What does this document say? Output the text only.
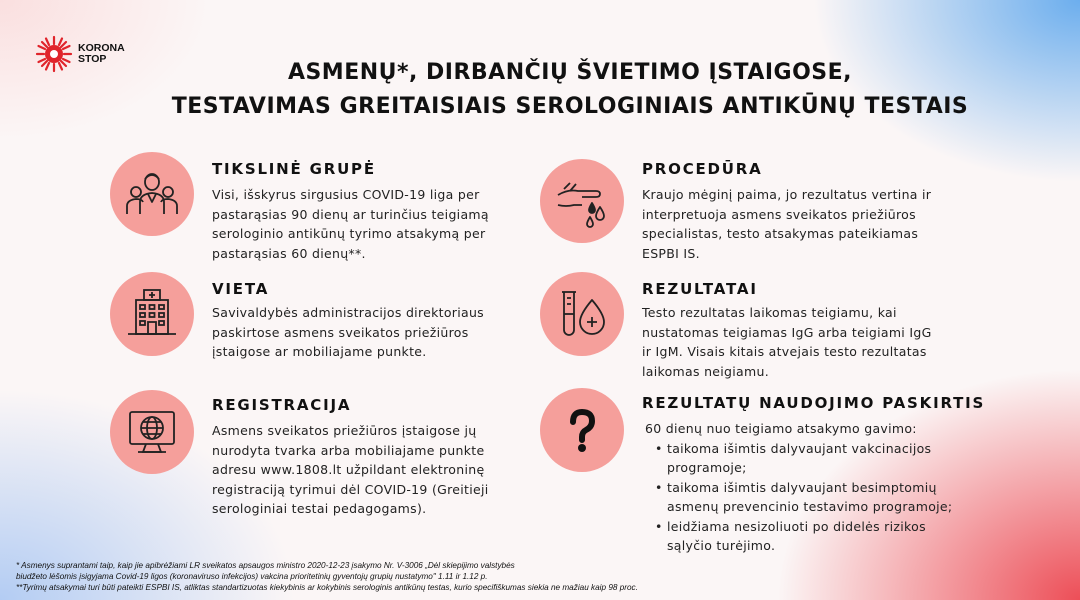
KORONA
STOP
ASMENŲ*, DIRBANČIŲ ŠVIETIMO ĮSTAIGOSE,
TESTAVIMAS GREITAISIAIS SEROLOGINIAIS ANTIKŪNŲ TESTAIS
TIKSLINĖ GRUPĖ
Visi, išskyrus sirgusius COVID-19 liga per
pastarąsias 90 dienų ar turinčius teigiamą
serologinio antikūnų tyrimo atsakymą per
pastarąsias 60 dienų**.
VIETA
Savivaldybės administracijos direktoriaus
paskirtose asmens sveikatos priežiūros
įstaigose ar mobiliajame punkte.
REGISTRACIJA
Asmens sveikatos priežiūros įstaigose jų
nurodyta tvarka arba mobiliajame punkte
adresu www.1808.lt užpildant elektroninę
registraciją tyrimui dėl COVID-19 (Greitieji
serologiniai testai pedagogams).
PROCEDŪRA
Kraujo mėginį paima, jo rezultatus vertina ir
interpretuoja asmens sveikatos priežiūros
specialistas, testo atsakymas pateikiamas
ESPBI IS.
REZULTATAI
Testo rezultatas laikomas teigiamu, kai
nustatomas teigiamas IgG arba teigiami IgG
ir IgM. Visais kitais atvejais testo rezultatas
laikomas neigiamu.
REZULTATŲ NAUDOJIMO PASKIRTIS
60 dienų nuo teigiamo atsakymo gavimo:
• taikoma išimtis dalyvaujant vakcinacijos
programoje;
• taikoma išimtis dalyvaujant besimptomių
asmenų prevencinio testavimo programoje;
• leidžiama nesizoliuoti po didelės rizikos
sąlyčio turėjimo.
* Asmenys suprantami taip, kaip jie apibrėžiami LR sveikatos apsaugos ministro 2020-12-23 įsakymo Nr. V-3006 „Dėl skiepijimo valstybės
biudžeto lėšomis įsigyjama Covid-19 ligos (koronaviruso infekcijos) vakcina prioritetinių gyventojų grupių nustatymo" 1.11 ir 1.12 p.
**Tyrimų atsakymai turi būti pateikti ESPBI IS, atliktas standartizuotas kiekybinis ar kokybinis serologinis antikūnų testas, kurio specifiškumas siekia ne mažiau kaip 98 proc.
